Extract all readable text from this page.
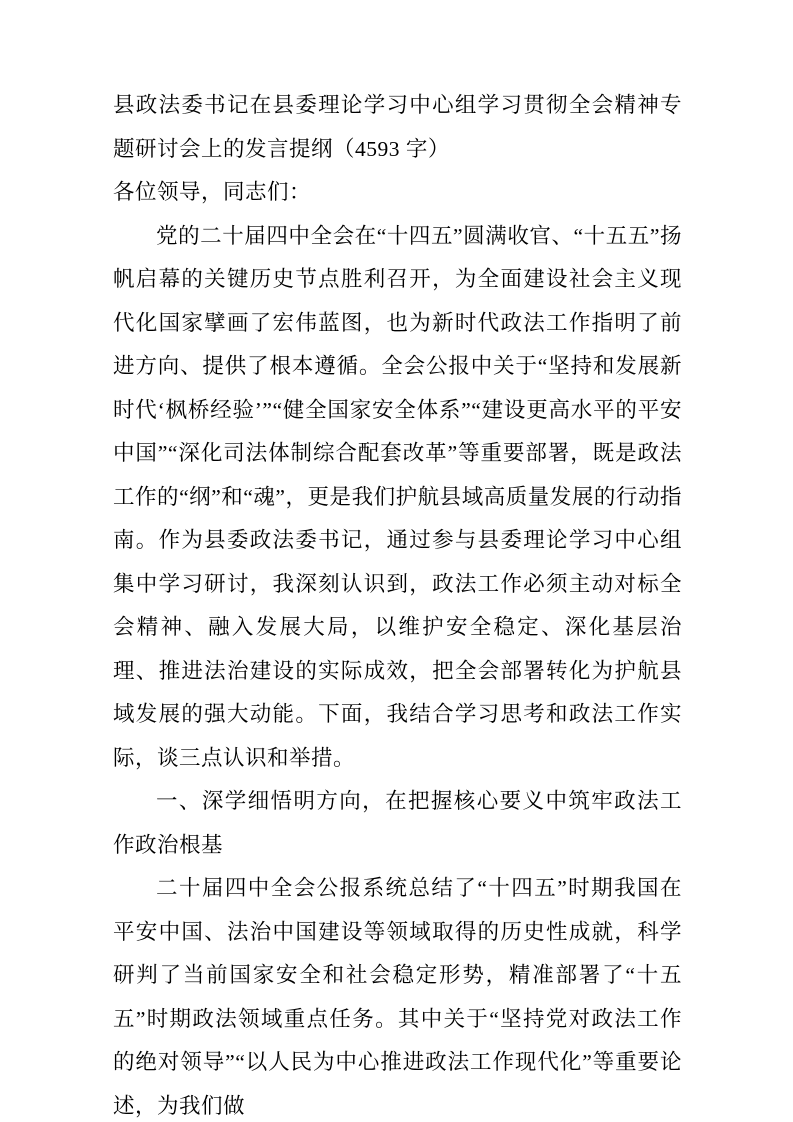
县政法委书记在县委理论学习中心组学习贯彻全会精神专题研讨会上的发言提纲（4593 字）

各位领导，同志们：

党的二十届四中全会在“十四五”圆满收官、“十五五”扬帆启幕的关键历史节点胜利召开，为全面建设社会主义现代化国家擘画了宏伟蓝图，也为新时代政法工作指明了前进方向、提供了根本遵循。全会公报中关于“坚持和发展新时代‘枫桥经验’”“健全国家安全体系”“建设更高水平的平安中国”“深化司法体制综合配套改革”等重要部署，既是政法工作的“纲”和“魂”，更是我们护航县域高质量发展的行动指南。作为县委政法委书记，通过参与县委理论学习中心组集中学习研讨，我深刻认识到，政法工作必须主动对标全会精神、融入发展大局，以维护安全稳定、深化基层治理、推进法治建设的实际成效，把全会部署转化为护航县域发展的强大动能。下面，我结合学习思考和政法工作实际，谈三点认识和举措。

一、深学细悟明方向，在把握核心要义中筑牢政法工作政治根基

二十届四中全会公报系统总结了“十四五”时期我国在平安中国、法治中国建设等领域取得的历史性成就，科学研判了当前国家安全和社会稳定形势，精准部署了“十五五”时期政法领域重点任务。其中关于“坚持党对政法工作的绝对领导”“以人民为中心推进政法工作现代化”等重要论述，为我们做
